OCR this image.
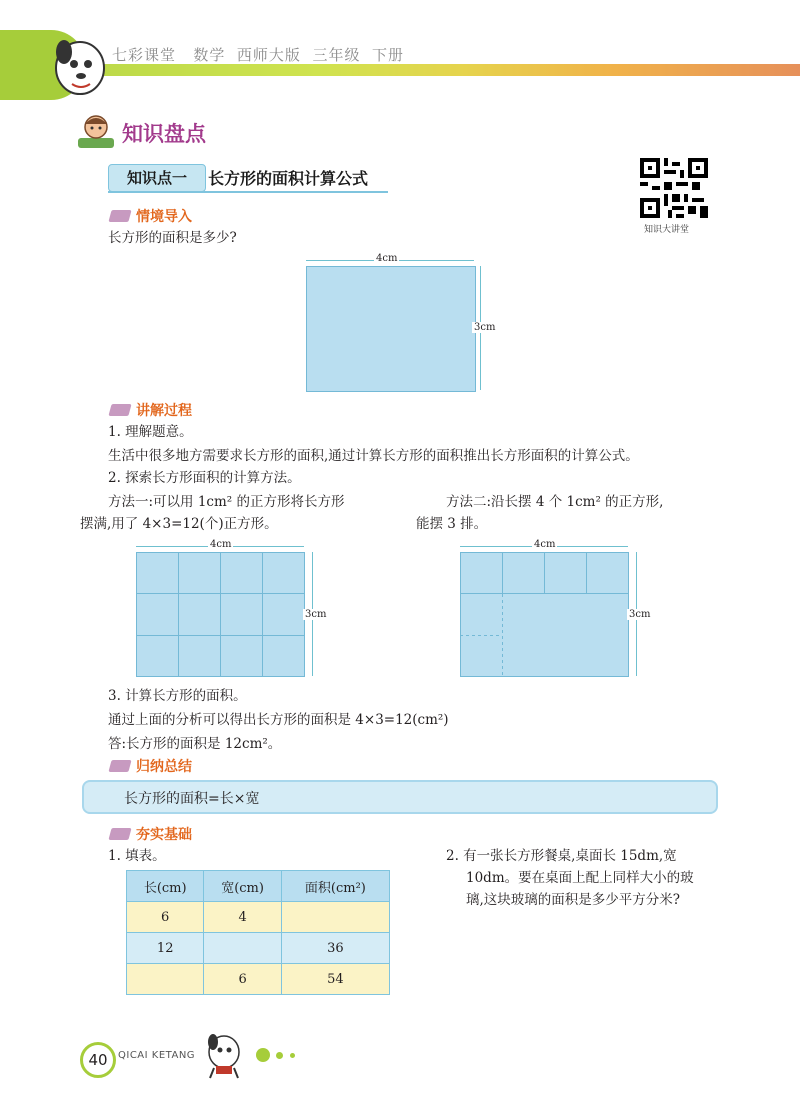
七彩课堂 数学 西师大版 三年级 下册
知识盘点
知识点一	长方形的面积计算公式
知识大讲堂
情境导入
长方形的面积是多少?
4cm
3cm
讲解过程
1. 理解题意。
生活中很多地方需要求长方形的面积,通过计算长方形的面积推出长方形面积的计算公式。
2. 探索长方形面积的计算方法。
方法一:可以用 1cm² 的正方形将长方形
摆满,用了 4×3=12(个)正方形。
方法二:沿长摆 4 个 1cm² 的正方形,
能摆 3 排。
4cm
3cm
4cm
3cm
3. 计算长方形的面积。
通过上面的分析可以得出长方形的面积是 4×3=12(cm²)
答:长方形的面积是 12cm²。
归纳总结
长方形的面积=长×宽
夯实基础
1. 填表。
长(cm)	宽(cm)	面积(cm²)
6	4	
12		36
	6	54
2. 有一张长方形餐桌,桌面长 15dm,宽
10dm。要在桌面上配上同样大小的玻
璃,这块玻璃的面积是多少平方分米?
40	QICAI KETANG
